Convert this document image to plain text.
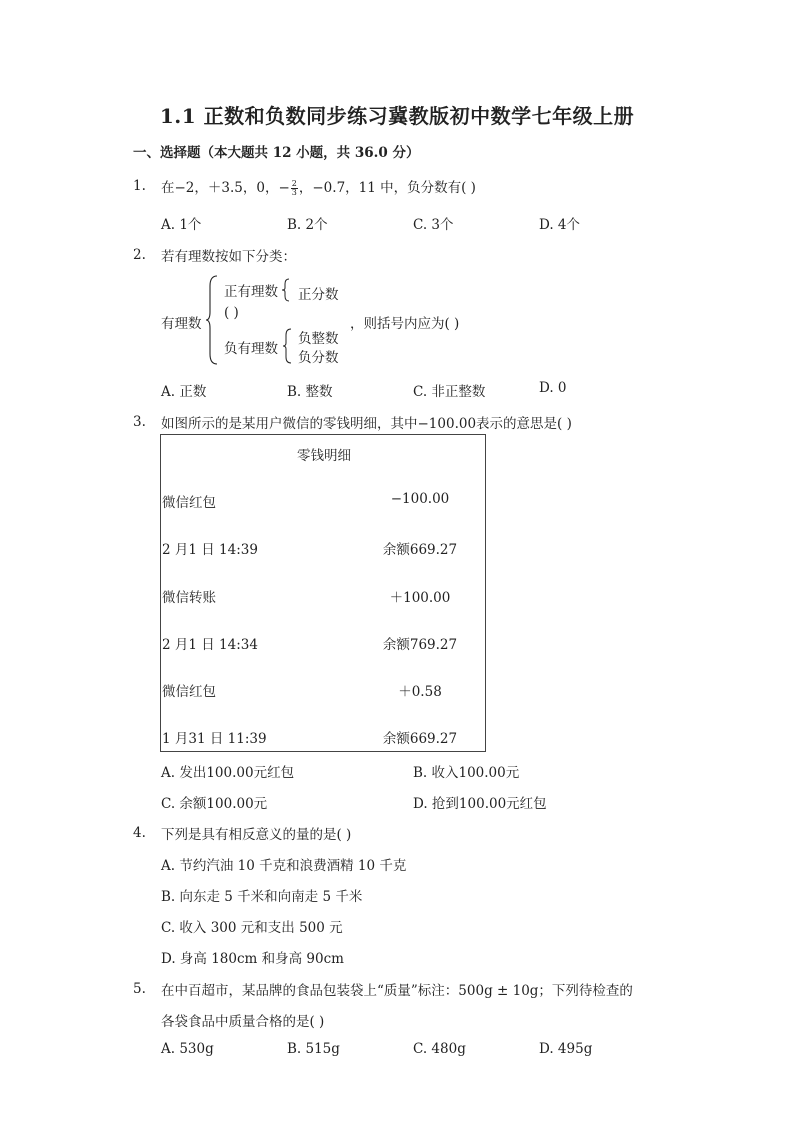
1.1 正数和负数同步练习冀教版初中数学七年级上册
一、选择题（本大题共 12 小题，共 36.0 分）
1. 在−2，＋3.5，0，− $\frac{2}{3}$ ，−0.7，11 中，负分数有( )
A. 1个	B. 2个	C. 3个	D. 4个
2. 若有理数按如下分类：
有理数
正有理数 正分数
( )
负有理数
负整数
负分数
，则括号内应为( )
A. 正数	B. 整数	C. 非正整数	D. 0
3. 如图所示的是某用户微信的零钱明细，其中−100.00表示的意思是( )
零钱明细
微信红包	−100.00
2 月1 日 14:39	余额669.27
微信转账	＋100.00
2 月1 日 14:34	余额769.27
微信红包	＋0.58
1 月31 日 11:39	余额669.27
A. 发出100.00元红包	B. 收入100.00元
C. 余额100.00元	D. 抢到100.00元红包
4. 下列是具有相反意义的量的是( )
A. 节约汽油 10 千克和浪费酒精 10 千克
B. 向东走 5 千米和向南走 5 千米
C. 收入 300 元和支出 500 元
D. 身高 180cm 和身高 90cm
5. 在中百超市，某品牌的食品包装袋上“质量”标注：500g ± 10g；下列待检查的
各袋食品中质量合格的是( )
A. 530g	B. 515g	C. 480g	D. 495g
